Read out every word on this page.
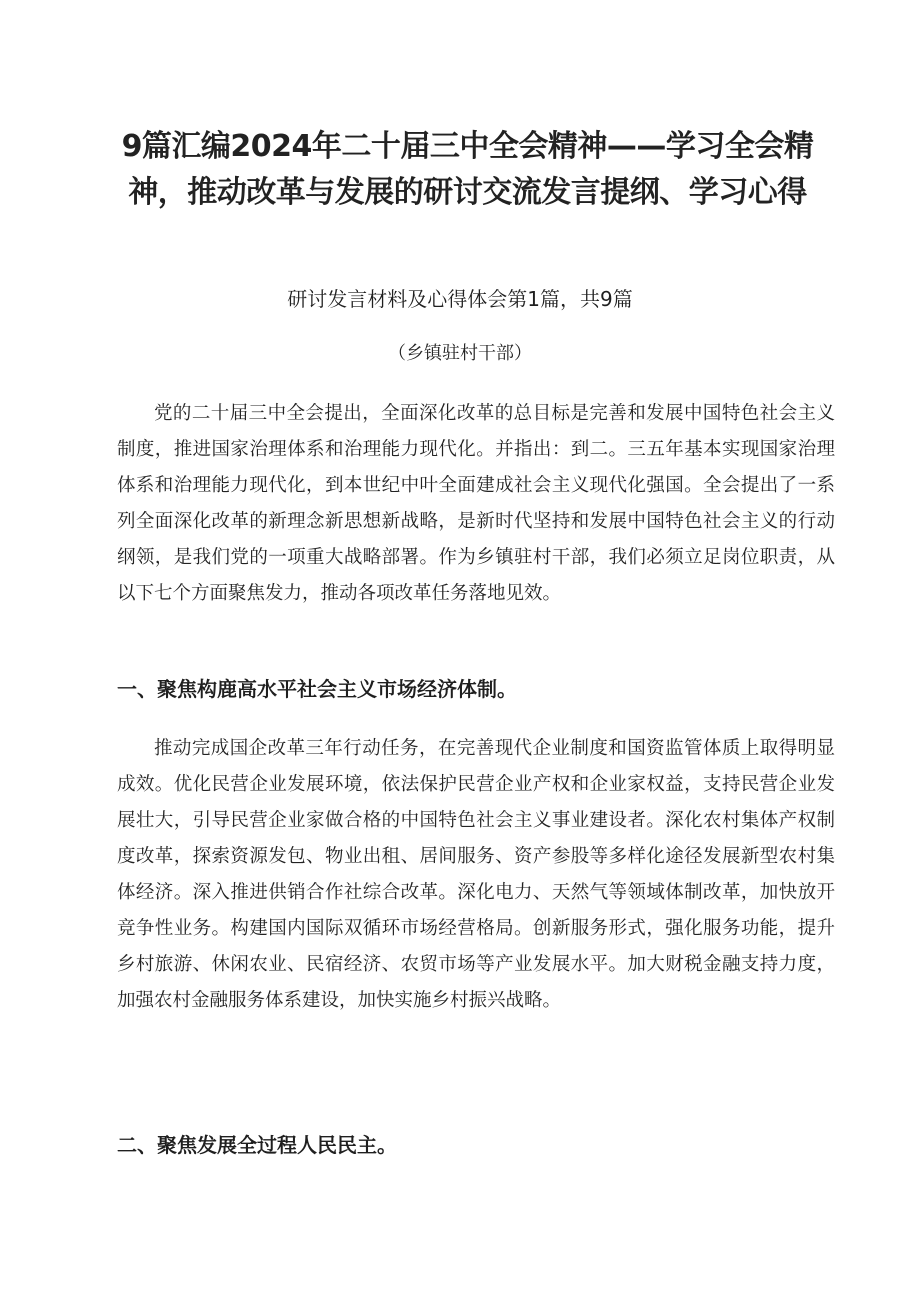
9篇汇编2024年二十届三中全会精神——学习全会精神，推动改革与发展的研讨交流发言提纲、学习心得

研讨发言材料及心得体会第1篇，共9篇

（乡镇驻村干部）

党的二十届三中全会提出，全面深化改革的总目标是完善和发展中国特色社会主义制度，推进国家治理体系和治理能力现代化。并指出：到二。三五年基本实现国家治理体系和治理能力现代化，到本世纪中叶全面建成社会主义现代化强国。全会提出了一系列全面深化改革的新理念新思想新战略，是新时代坚持和发展中国特色社会主义的行动纲领，是我们党的一项重大战略部署。作为乡镇驻村干部，我们必须立足岗位职责，从以下七个方面聚焦发力，推动各项改革任务落地见效。

一、聚焦构鹿高水平社会主义市场经济体制。

推动完成国企改革三年行动任务，在完善现代企业制度和国资监管体质上取得明显成效。优化民营企业发展环境，依法保护民营企业产权和企业家权益，支持民营企业发展壮大，引导民营企业家做合格的中国特色社会主义事业建设者。深化农村集体产权制度改革，探索资源发包、物业出租、居间服务、资产参股等多样化途径发展新型农村集体经济。深入推进供销合作社综合改革。深化电力、天然气等领域体制改革，加快放开竞争性业务。构建国内国际双循环市场经营格局。创新服务形式，强化服务功能，提升乡村旅游、休闲农业、民宿经济、农贸市场等产业发展水平。加大财税金融支持力度，加强农村金融服务体系建设，加快实施乡村振兴战略。

二、聚焦发展全过程人民民主。
